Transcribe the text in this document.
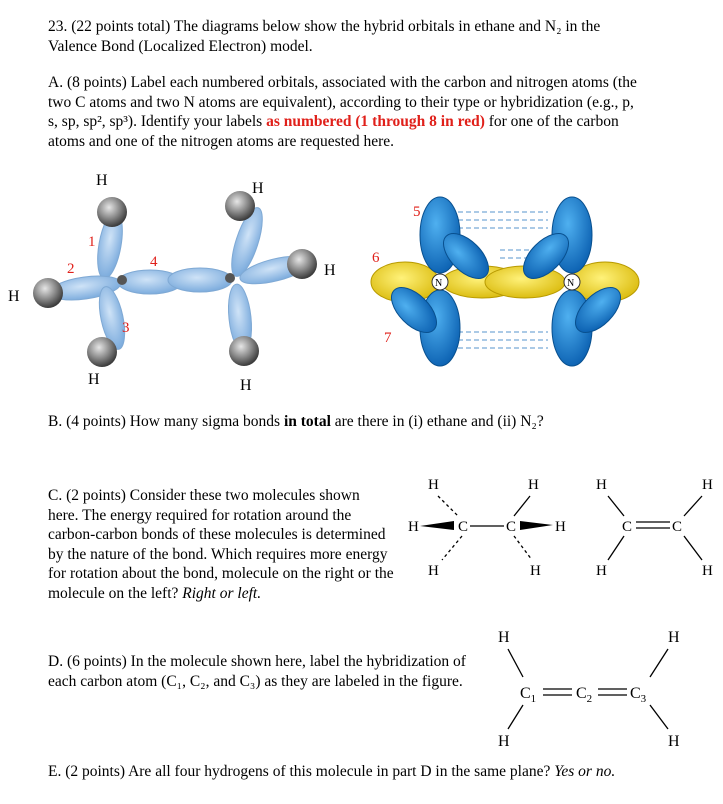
23. (22 points total) The diagrams below show the hybrid orbitals in ethane and N₂ in the Valence Bond (Localized Electron) model.
A. (8 points) Label each numbered orbitals, associated with the carbon and nitrogen atoms (the two C atoms and two N atoms are equivalent), according to their type or hybridization (e.g., p, s, sp, sp², sp³). Identify your labels as numbered (1 through 8 in red) for one of the carbon atoms and one of the nitrogen atoms are requested here.
H	H
H
H
H	H
1
2
3
4
5
6
7
N	N
B. (4 points) How many sigma bonds in total are there in (i) ethane and (ii) N₂?
C. (2 points) Consider these two molecules shown here. The energy required for rotation around the carbon-carbon bonds of these molecules is determined by the nature of the bond. Which requires more energy for rotation about the bond, molecule on the right or the molecule on the left? Right or left.
H	H
H	C	C	H
H	H
H	H
C	C
H	H
D. (6 points) In the molecule shown here, label the hybridization of each carbon atom (C₁, C₂, and C₃) as they are labeled in the figure.
H	H
H	H
$C_1$ $C_2$ $C_3$
E. (2 points) Are all four hydrogens of this molecule in part D in the same plane? Yes or no.
